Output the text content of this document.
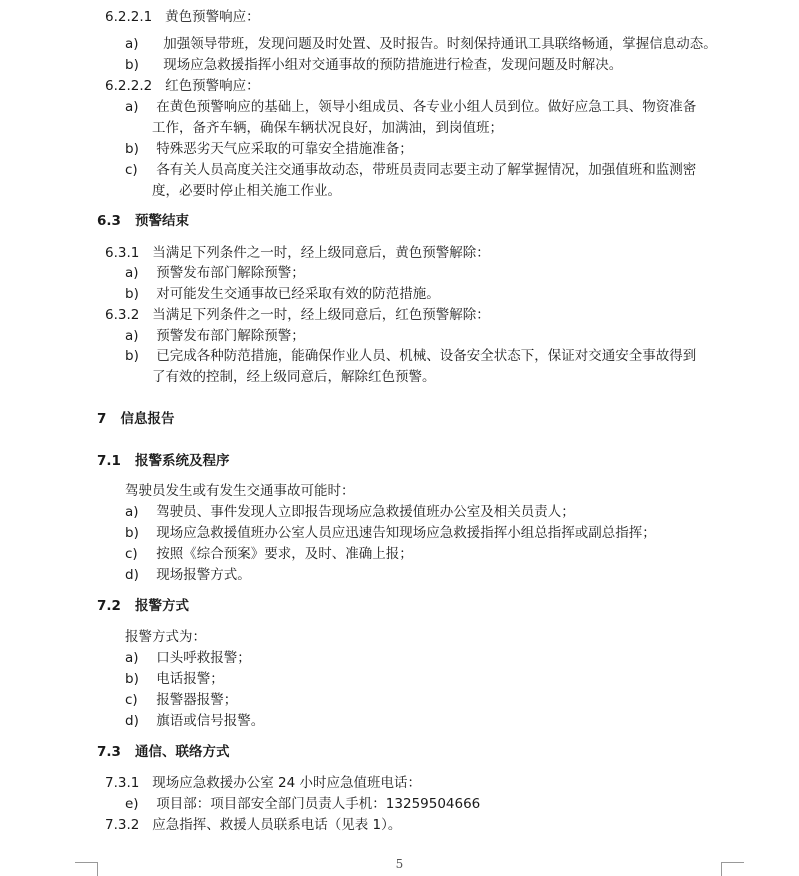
6.2.2.1 黄色预警响应：
a) 加强领导带班，发现问题及时处置、及时报告。时刻保持通讯工具联络畅通，掌握信息动态。
b) 现场应急救援指挥小组对交通事故的预防措施进行检查，发现问题及时解决。
6.2.2.2 红色预警响应：
a) 在黄色预警响应的基础上，领导小组成员、各专业小组人员到位。做好应急工具、物资准备
工作，备齐车辆，确保车辆状况良好，加满油，到岗值班；
b) 特殊恶劣天气应采取的可靠安全措施准备；
c) 各有关人员高度关注交通事故动态，带班员责同志要主动了解掌握情况，加强值班和监测密
度，必要时停止相关施工作业。
6.3 预警结束
6.3.1 当满足下列条件之一时，经上级同意后，黄色预警解除：
a) 预警发布部门解除预警；
b) 对可能发生交通事故已经采取有效的防范措施。
6.3.2 当满足下列条件之一时，经上级同意后，红色预警解除：
a) 预警发布部门解除预警；
b) 已完成各种防范措施，能确保作业人员、机械、设备安全状态下，保证对交通安全事故得到
了有效的控制，经上级同意后，解除红色预警。
7 信息报告
7.1 报警系统及程序
驾驶员发生或有发生交通事故可能时：
a) 驾驶员、事件发现人立即报告现场应急救援值班办公室及相关员责人；
b) 现场应急救援值班办公室人员应迅速告知现场应急救援指挥小组总指挥或副总指挥；
c) 按照《综合预案》要求，及时、准确上报；
d) 现场报警方式。
7.2 报警方式
报警方式为：
a) 口头呼救报警；
b) 电话报警；
c) 报警器报警；
d) 旗语或信号报警。
7.3 通信、联络方式
7.3.1 现场应急救援办公室 24 小时应急值班电话：
e) 项目部：项目部安全部门员责人手机：13259504666
7.3.2 应急指挥、救援人员联系电话（见表 1）。
5
